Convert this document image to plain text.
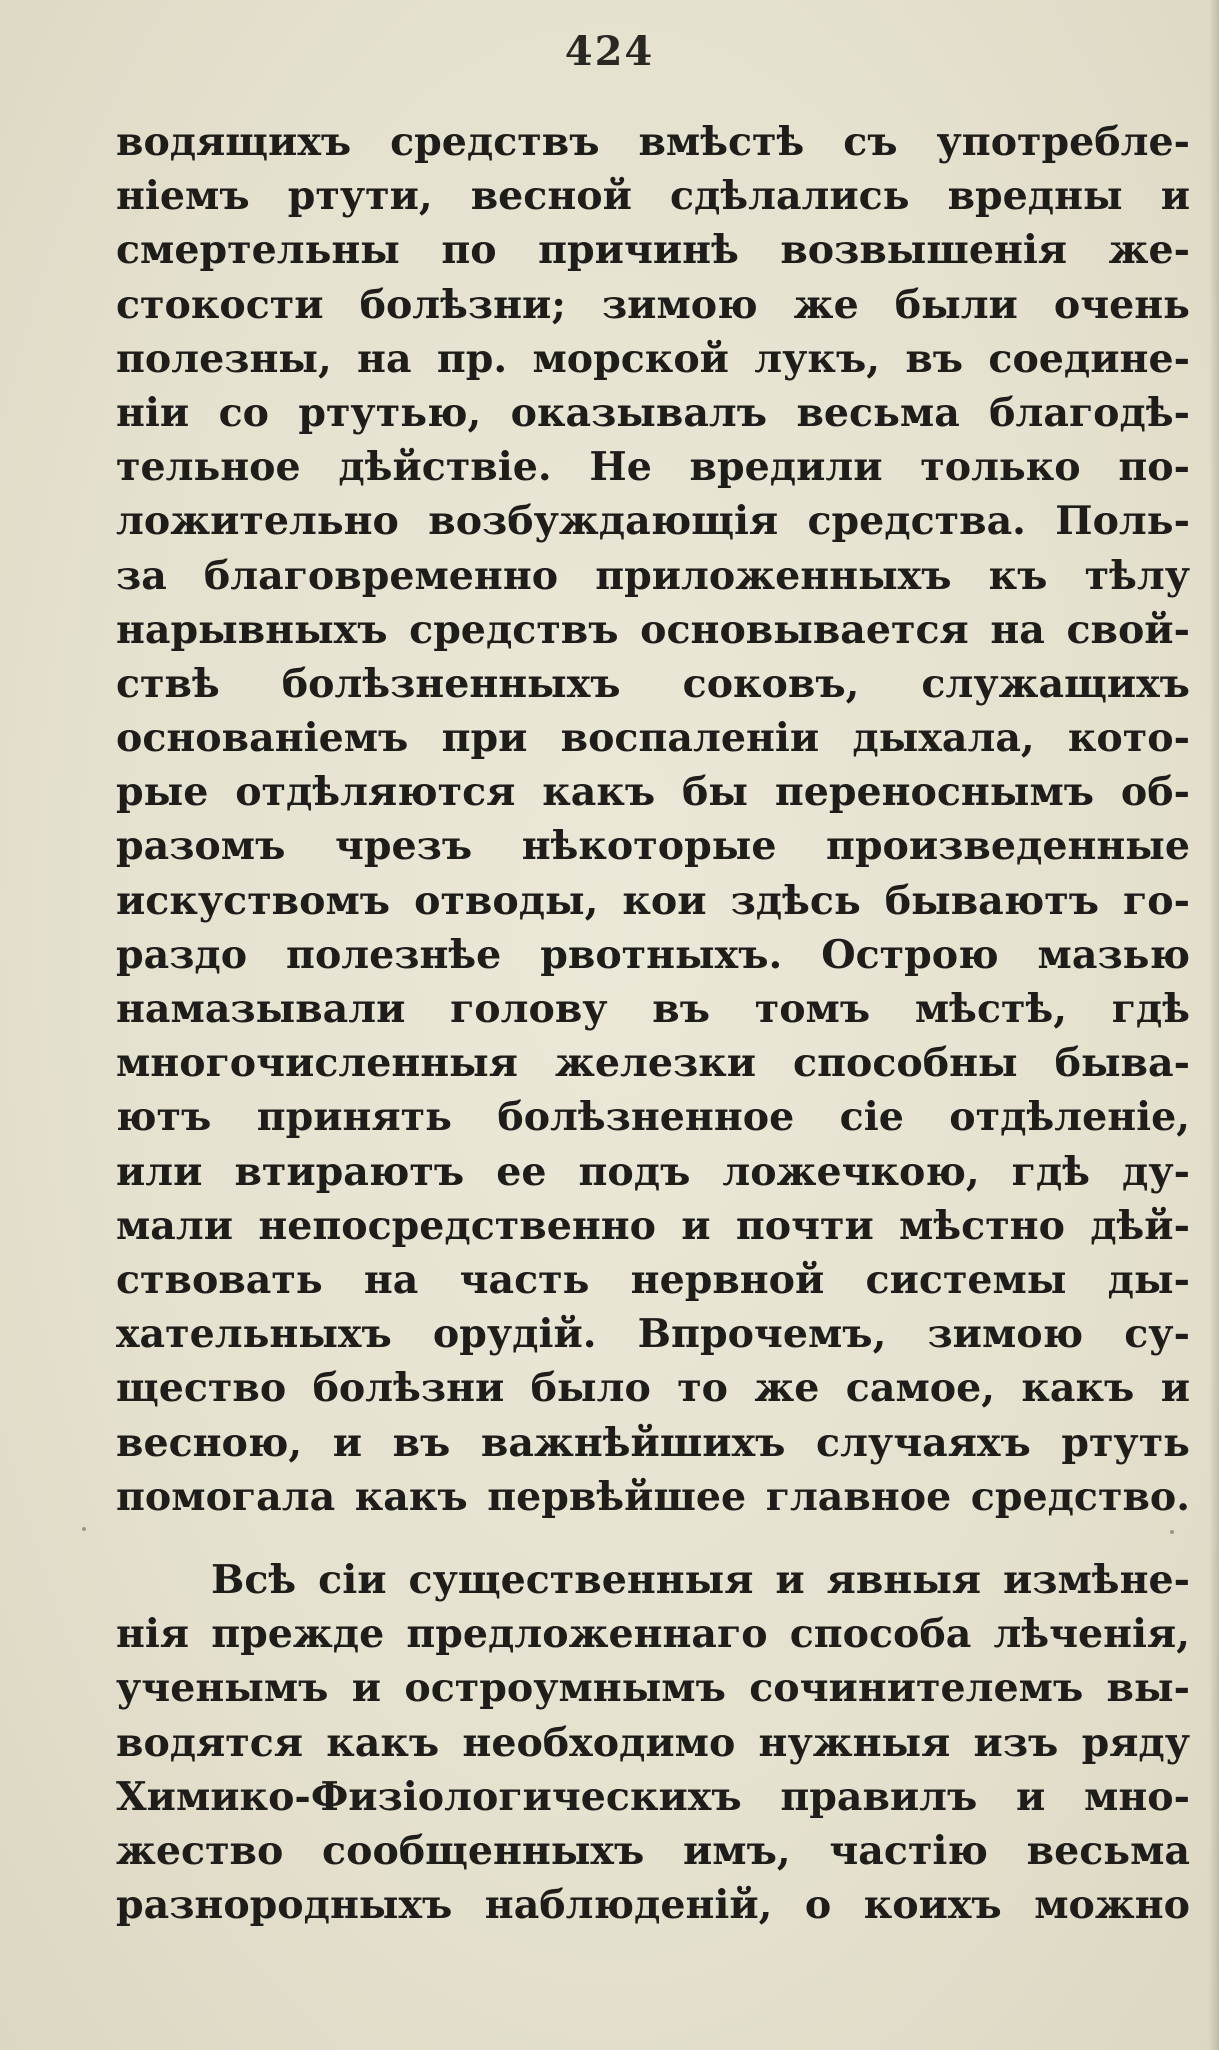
424
водящихъ средствъ вмѣстѣ съ употребле-
нiемъ ртути, весной сдѣлались вредны и
смертельны по причинѣ возвышенiя же-
стокости болѣзни; зимою же были очень
полезны, на пр. морской лукъ, въ соедине-
нiи со ртутью, оказывалъ весьма благодѣ-
тельное дѣйствiе. Не вредили только по-
ложительно возбуждающiя средства. Поль-
за благовременно приложенныхъ къ тѣлу
нарывныхъ средствъ основывается на свой-
ствѣ болѣзненныхъ соковъ, служащихъ
основанiемъ при воспаленiи дыхала, кото-
рые отдѣляются какъ бы переноснымъ об-
разомъ чрезъ нѣкоторые произведенные
искуствомъ отводы, кои здѣсь бываютъ го-
раздо полезнѣе рвотныхъ. Острою мазью
намазывали голову въ томъ мѣстѣ, гдѣ
многочисленныя железки способны бывa-
ютъ принять болѣзненное сiе отдѣленiе,
или втираютъ ее подъ ложечкою, гдѣ ду-
мали непосредственно и почти мѣстно дѣй-
ствовать на часть нервной системы ды-
хательныхъ орудiй. Впрочемъ, зимою су-
щество болѣзни было то же самое, какъ и
весною, и въ важнѣйшихъ случаяхъ ртуть
помогала какъ первѣйшее главное средство.
Всѣ сiи существенныя и явныя измѣне-
нiя прежде предложеннаго способа лѣченiя,
ученымъ и остроумнымъ сочинителемъ вы-
водятся какъ необходимо нужныя изъ ряду
Химико-Физiологическихъ правилъ и мно-
жество сообщенныхъ имъ, частiю весьма
разнородныхъ наблюденiй, о коихъ можно
